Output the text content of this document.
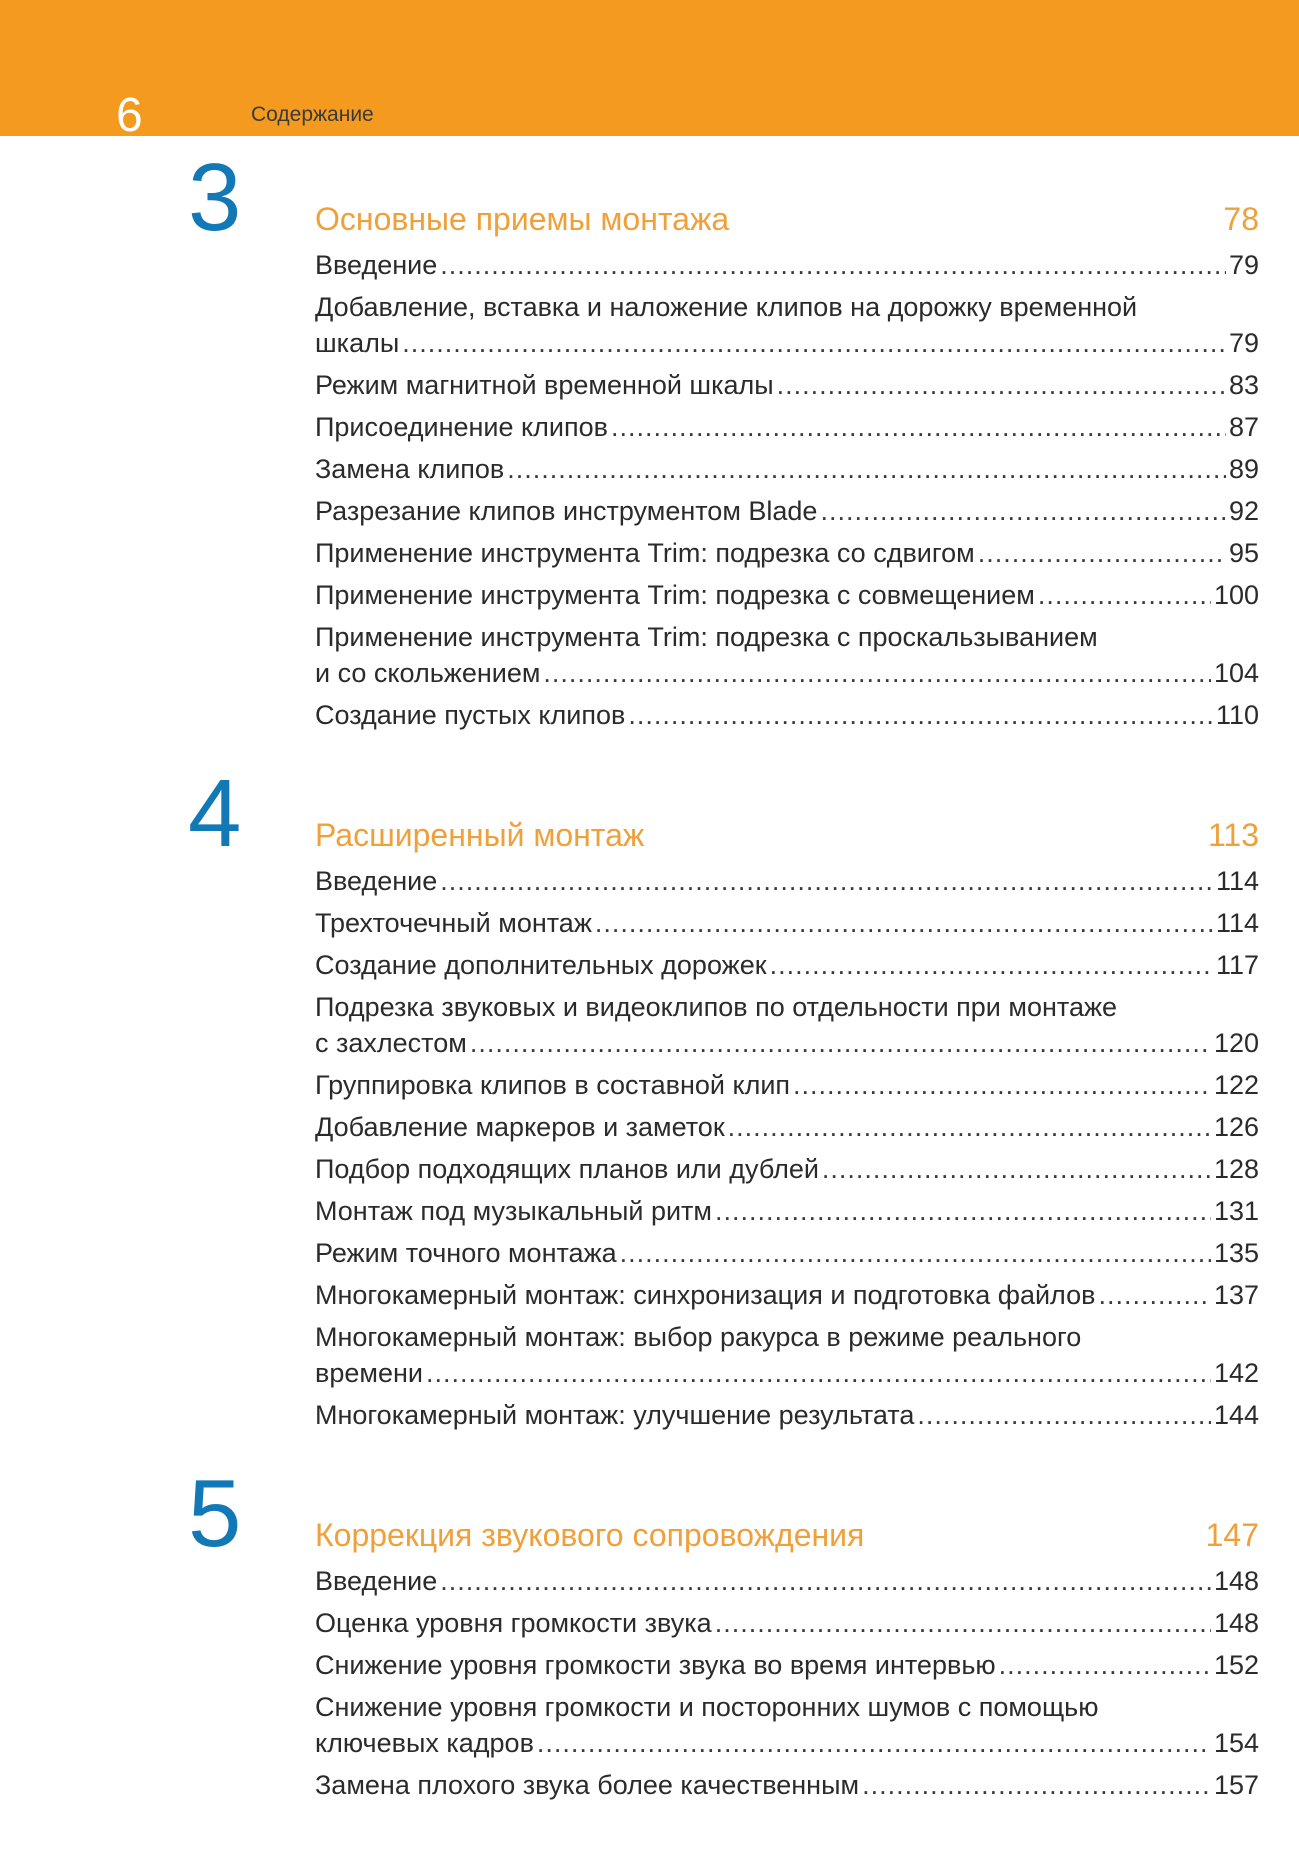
6	Содержание
3 Основные приемы монтажа	78
Введение .....	79
Добавление, вставка и наложение клипов на дорожку временной
шкалы .....	79
Режим магнитной временной шкалы .....	83
Присоединение клипов .....	87
Замена клипов .....	89
Разрезание клипов инструментом Blade .....	92
Применение инструмента Trim: подрезка со сдвигом .....	95
Применение инструмента Trim: подрезка с совмещением .....	100
Применение инструмента Trim: подрезка с проскальзыванием
и со скольжением .....	104
Создание пустых клипов .....	110
4 Расширенный монтаж	113
Введение .....	114
Трехточечный монтаж .....	114
Создание дополнительных дорожек .....	117
Подрезка звуковых и видеоклипов по отдельности при монтаже
с захлестом .....	120
Группировка клипов в составной клип .....	122
Добавление маркеров и заметок .....	126
Подбор подходящих планов или дублей .....	128
Монтаж под музыкальный ритм .....	131
Режим точного монтажа .....	135
Многокамерный монтаж: синхронизация и подготовка файлов .....	137
Многокамерный монтаж: выбор ракурса в режиме реального
времени .....	142
Многокамерный монтаж: улучшение результата .....	144
5 Коррекция звукового сопровождения	147
Введение .....	148
Оценка уровня громкости звука .....	148
Снижение уровня громкости звука во время интервью .....	152
Снижение уровня громкости и посторонних шумов с помощью
ключевых кадров .....	154
Замена плохого звука более качественным .....	157
